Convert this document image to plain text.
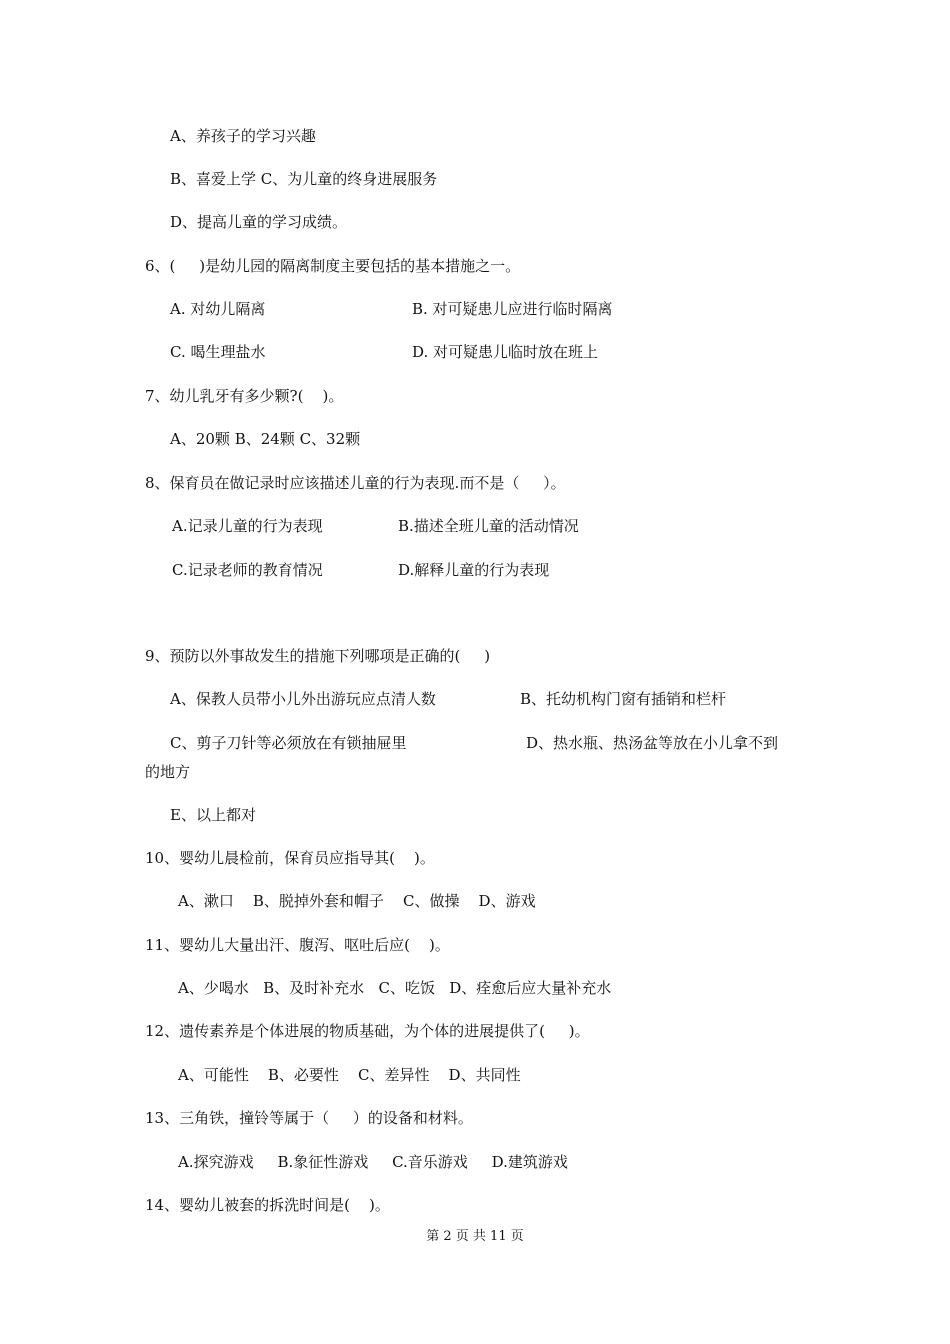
A、养孩子的学习兴趣

B、喜爱上学 C、为儿童的终身进展服务

D、提高儿童的学习成绩。

6、(     )是幼儿园的隔离制度主要包括的基本措施之一。

A. 对幼儿隔离	B. 对可疑患儿应进行临时隔离

C. 喝生理盐水	D. 对可疑患儿临时放在班上

7、幼儿乳牙有多少颗?(    )。

A、20颗 B、24颗 C、32颗

8、保育员在做记录时应该描述儿童的行为表现.而不是（     ）。

A.记录儿童的行为表现	B.描述全班儿童的活动情况

C.记录老师的教育情况	D.解释儿童的行为表现

9、预防以外事故发生的措施下列哪项是正确的(     )

A、保教人员带小儿外出游玩应点清人数	B、托幼机构门窗有插销和栏杆

C、剪子刀针等必须放在有锁抽屉里	D、热水瓶、热汤盆等放在小儿拿不到

的地方

E、以上都对

10、婴幼儿晨检前，保育员应指导其(    )。

A、漱口    B、脱掉外套和帽子    C、做操    D、游戏

11、婴幼儿大量出汗、腹泻、呕吐后应(    )。

A、少喝水   B、及时补充水   C、吃饭   D、痊愈后应大量补充水

12、遗传素养是个体进展的物质基础，为个体的进展提供了(     )。

A、可能性    B、必要性    C、差异性    D、共同性

13、三角铁，撞铃等属于（     ）的设备和材料。

A.探究游戏     B.象征性游戏     C.音乐游戏     D.建筑游戏

14、婴幼儿被套的拆洗时间是(    )。

第 2 页 共 11 页
